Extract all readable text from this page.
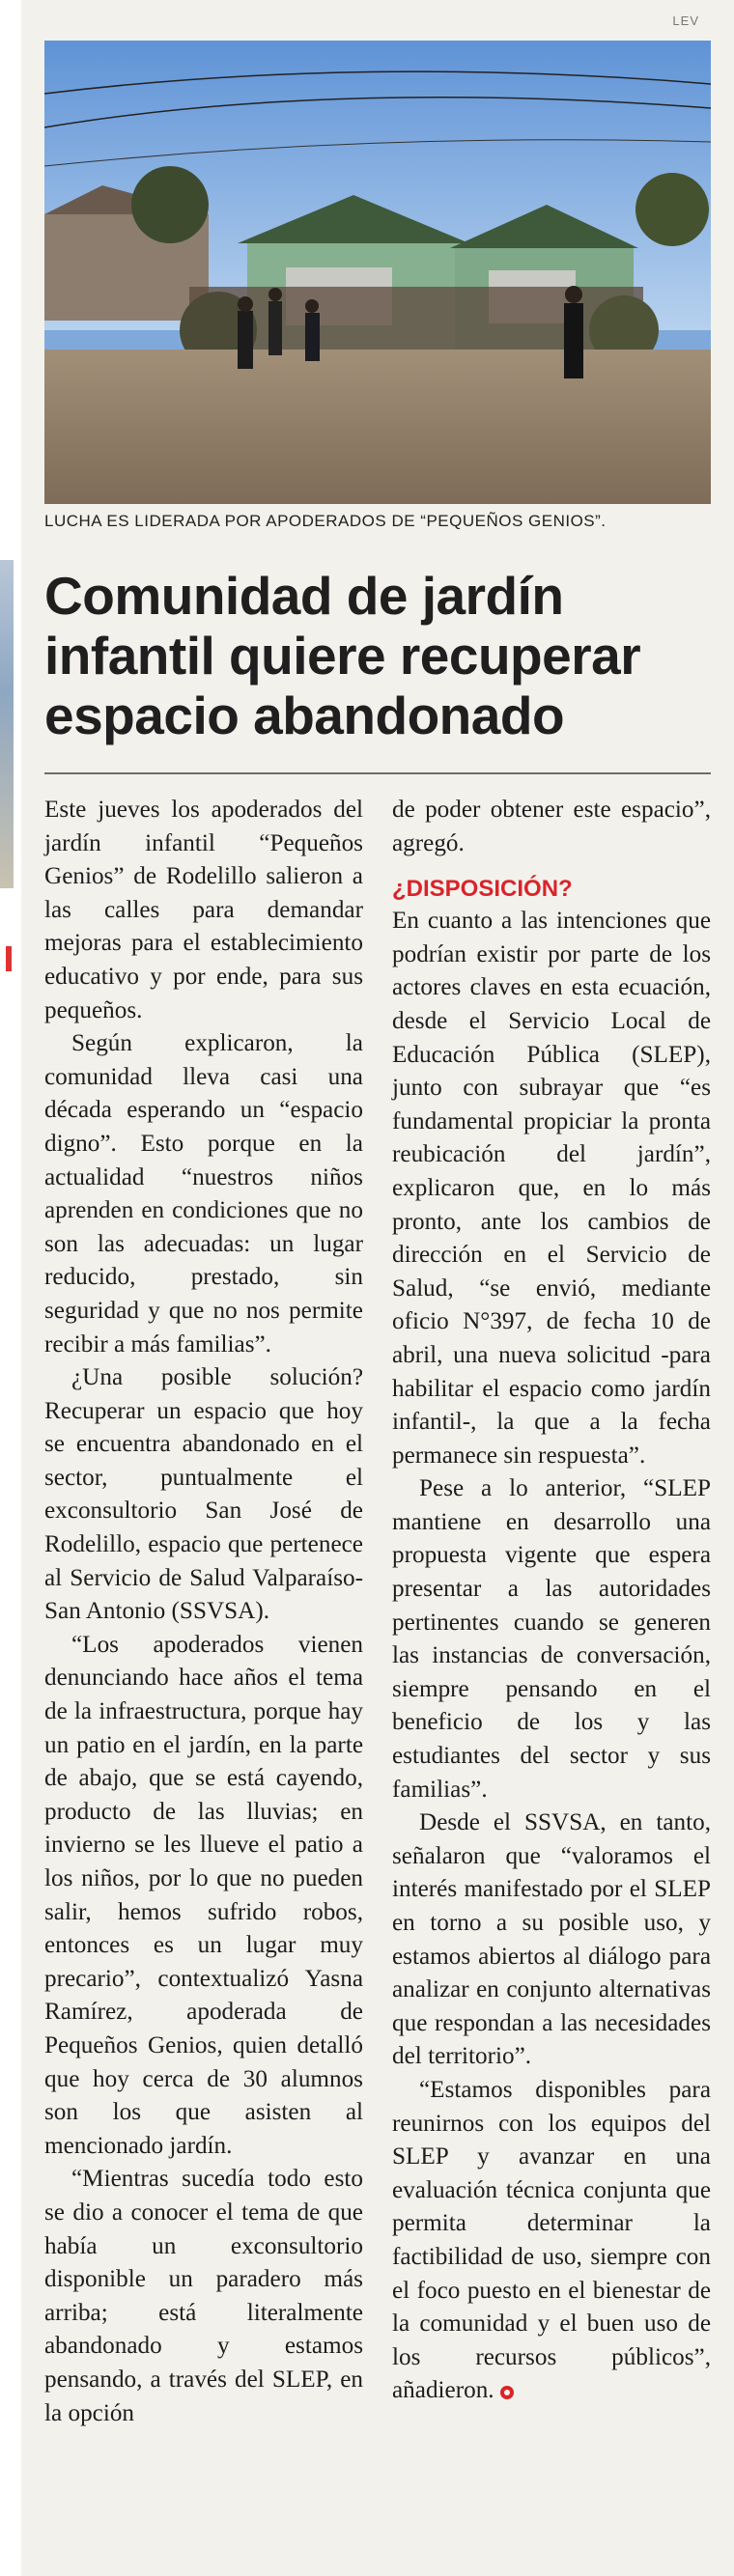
LEV
LUCHA ES LIDERADA POR APODERADOS DE “PEQUEÑOS GENIOS”.
Comunidad de jardín infantil quiere recuperar espacio abandonado

Este jueves los apoderados del jardín infantil “Pequeños Genios” de Rodelillo salieron a las calles para demandar mejoras para el establecimiento educativo y por ende, para sus pequeños.

Según explicaron, la comunidad lleva casi una década esperando un “espacio digno”. Esto porque en la actualidad “nuestros niños aprenden en condiciones que no son las adecuadas: un lugar reducido, prestado, sin seguridad y que no nos permite recibir a más familias”.

¿Una posible solución? Recuperar un espacio que hoy se encuentra abandonado en el sector, puntualmente el exconsultorio San José de Rodelillo, espacio que pertenece al Servicio de Salud Valparaíso-San Antonio (SSVSA).

“Los apoderados vienen denunciando hace años el tema de la infraestructura, porque hay un patio en el jardín, en la parte de abajo, que se está cayendo, producto de las lluvias; en invierno se les llueve el patio a los niños, por lo que no pueden salir, hemos sufrido robos, entonces es un lugar muy precario”, contextualizó Yasna Ramírez, apoderada de Pequeños Genios, quien detalló que hoy cerca de 30 alumnos son los que asisten al mencionado jardín.

“Mientras sucedía todo esto se dio a conocer el tema de que había un exconsultorio disponible un paradero más arriba; está literalmente abandonado y estamos pensando, a través del SLEP, en la opción

de poder obtener este espacio”, agregó.

¿DISPOSICIÓN?

En cuanto a las intenciones que podrían existir por parte de los actores claves en esta ecuación, desde el Servicio Local de Educación Pública (SLEP), junto con subrayar que “es fundamental propiciar la pronta reubicación del jardín”, explicaron que, en lo más pronto, ante los cambios de dirección en el Servicio de Salud, “se envió, mediante oficio N°397, de fecha 10 de abril, una nueva solicitud -para habilitar el espacio como jardín infantil-, la que a la fecha permanece sin respuesta”.

Pese a lo anterior, “SLEP mantiene en desarrollo una propuesta vigente que espera presentar a las autoridades pertinentes cuando se generen las instancias de conversación, siempre pensando en el beneficio de los y las estudiantes del sector y sus familias”.

Desde el SSVSA, en tanto, señalaron que “valoramos el interés manifestado por el SLEP en torno a su posible uso, y estamos abiertos al diálogo para analizar en conjunto alternativas que respondan a las necesidades del territorio”.

“Estamos disponibles para reunirnos con los equipos del SLEP y avanzar en una evaluación técnica conjunta que permita determinar la factibilidad de uso, siempre con el foco puesto en el bienestar de la comunidad y el buen uso de los recursos públicos”, añadieron.
